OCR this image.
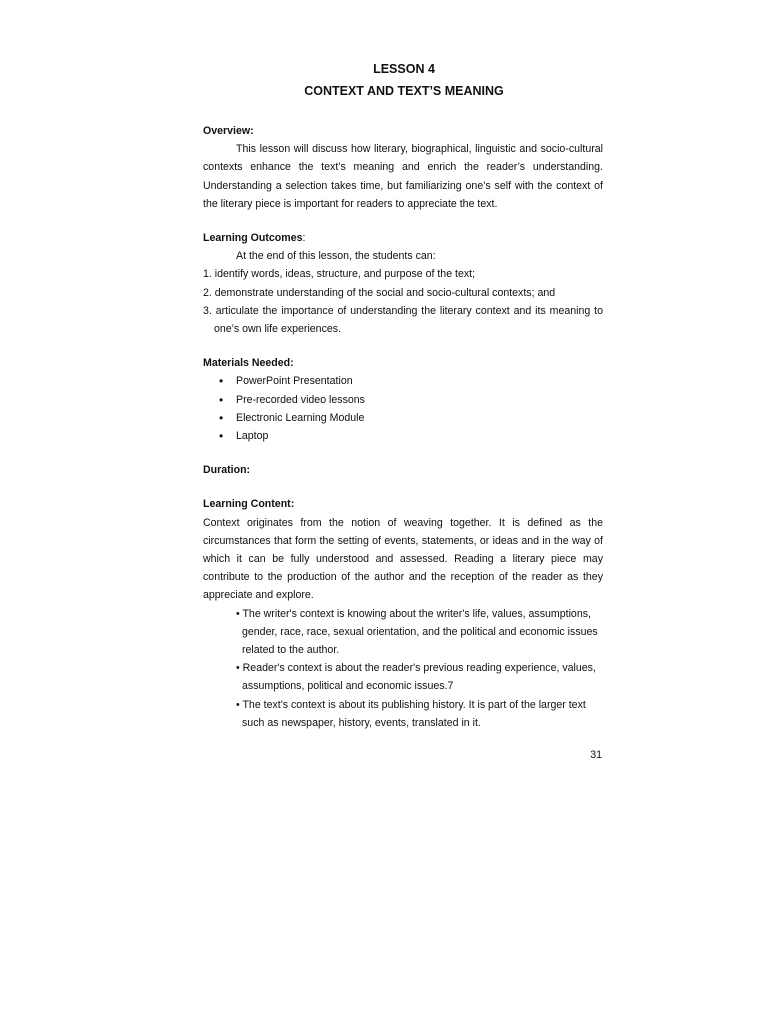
LESSON 4

CONTEXT AND TEXT’S MEANING

Overview:

This lesson will discuss how literary, biographical, linguistic and socio-cultural contexts enhance the text’s meaning and enrich the reader’s understanding. Understanding a selection takes time, but familiarizing one’s self with the context of the literary piece is important for readers to appreciate the text.

Learning Outcomes:

At the end of this lesson, the students can:

1. identify words, ideas, structure, and purpose of the text;

2. demonstrate understanding of the social and socio-cultural contexts; and

3. articulate the importance of understanding the literary context and its meaning to one’s own life experiences.

Materials Needed:

• PowerPoint Presentation
• Pre-recorded video lessons
• Electronic Learning Module
• Laptop

Duration:

Learning Content:

Context originates from the notion of weaving together. It is defined as the circumstances that form the setting of events, statements, or ideas and in the way of which it can be fully understood and assessed. Reading a literary piece may contribute to the production of the author and the reception of the reader as they appreciate and explore.

• The writer's context is knowing about the writer's life, values, assumptions, gender, race, race, sexual orientation, and the political and economic issues related to the author.

• Reader's context is about the reader's previous reading experience, values, assumptions, political and economic issues.7

• The text's context is about its publishing history. It is part of the larger text such as newspaper, history, events, translated in it.

31
